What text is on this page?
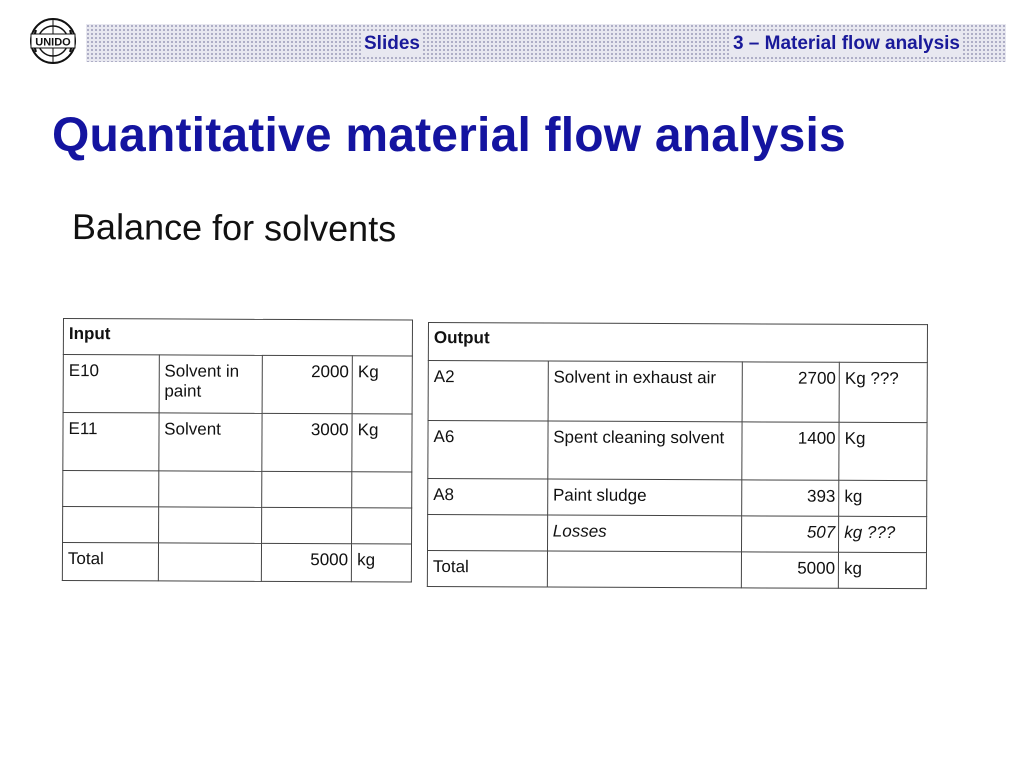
UNIDO	Slides	3 – Material flow analysis
Quantitative material flow analysis
Balance for solvents
Input			
E10	Solvent in paint	2000	Kg
E11	Solvent	3000	Kg

Total		5000	kg
Output			
A2	Solvent in exhaust air	2700	Kg ???
A6	Spent cleaning solvent	1400	Kg
A8	Paint sludge	393	kg
	Losses	507	kg ???
Total		5000	kg
